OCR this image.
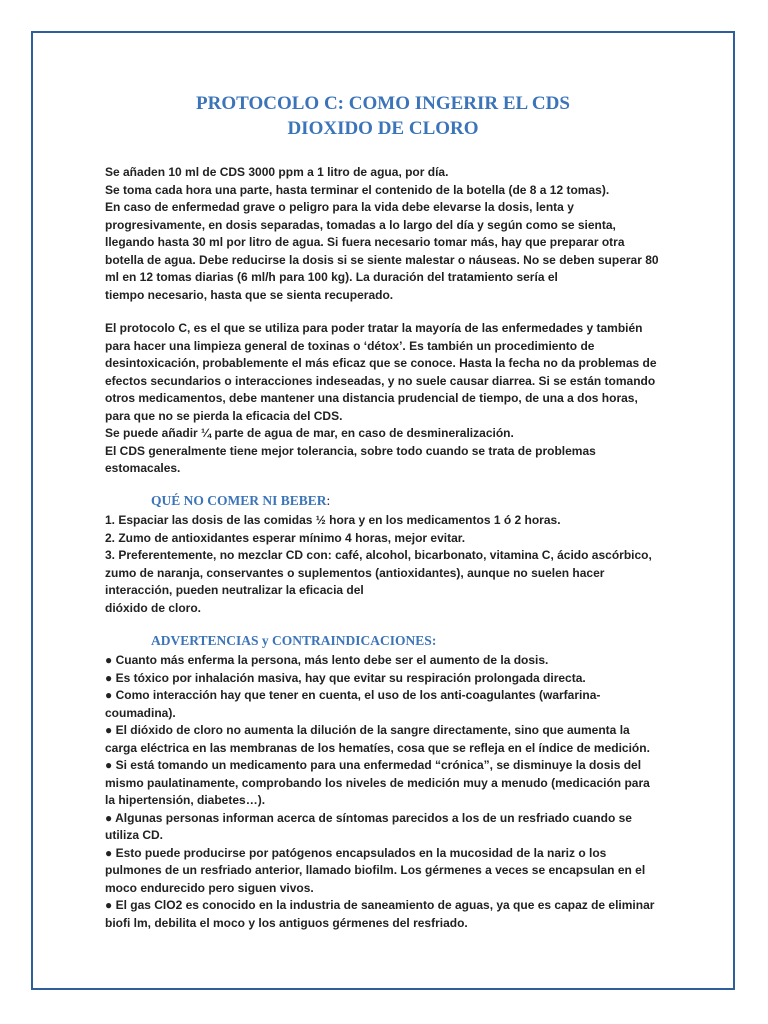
PROTOCOLO C: COMO INGERIR EL CDS
DIOXIDO DE CLORO
Se añaden 10 ml de CDS 3000 ppm a 1 litro de agua, por día.
Se toma cada hora una parte, hasta terminar el contenido de la botella (de 8 a 12 tomas).
En caso de enfermedad grave o peligro para la vida debe elevarse la dosis, lenta y
progresivamente, en dosis separadas, tomadas a lo largo del día y según como se sienta,
llegando hasta 30 ml por litro de agua. Si fuera necesario tomar más, hay que preparar otra
botella de agua. Debe reducirse la dosis si se siente malestar o náuseas. No se deben superar 80
ml en 12 tomas diarias (6 ml/h para 100 kg). La duración del tratamiento sería el
tiempo necesario, hasta que se sienta recuperado.
El protocolo C, es el que se utiliza para poder tratar la mayoría de las enfermedades y también
para hacer una limpieza general de toxinas o ‘détox’. Es también un procedimiento de
desintoxicación, probablemente el más eficaz que se conoce. Hasta la fecha no da problemas de
efectos secundarios o interacciones indeseadas, y no suele causar diarrea. Si se están tomando
otros medicamentos, debe mantener una distancia prudencial de tiempo, de una a dos horas,
para que no se pierda la eficacia del CDS.
Se puede añadir ¼ parte de agua de mar, en caso de desmineralización.
El CDS generalmente tiene mejor tolerancia, sobre todo cuando se trata de problemas
estomacales.
QUÉ NO COMER NI BEBER:
1. Espaciar las dosis de las comidas ½ hora y en los medicamentos 1 ó 2 horas.
2. Zumo de antioxidantes esperar mínimo 4 horas, mejor evitar.
3. Preferentemente, no mezclar CD con: café, alcohol, bicarbonato, vitamina C, ácido ascórbico,
zumo de naranja, conservantes o suplementos (antioxidantes), aunque no suelen hacer
interacción, pueden neutralizar la eficacia del
dióxido de cloro.
ADVERTENCIAS y CONTRAINDICACIONES:
● Cuanto más enferma la persona, más lento debe ser el aumento de la dosis.
● Es tóxico por inhalación masiva, hay que evitar su respiración prolongada directa.
● Como interacción hay que tener en cuenta, el uso de los anti-coagulantes (warfarina-
coumadina).
● El dióxido de cloro no aumenta la dilución de la sangre directamente, sino que aumenta la
carga eléctrica en las membranas de los hematíes, cosa que se refleja en el índice de medición.
● Si está tomando un medicamento para una enfermedad “crónica”, se disminuye la dosis del
mismo paulatinamente, comprobando los niveles de medición muy a menudo (medicación para
la hipertensión, diabetes…).
● Algunas personas informan acerca de síntomas parecidos a los de un resfriado cuando se
utiliza CD.
● Esto puede producirse por patógenos encapsulados en la mucosidad de la nariz o los
pulmones de un resfriado anterior, llamado biofilm. Los gérmenes a veces se encapsulan en el
moco endurecido pero siguen vivos.
● El gas ClO2 es conocido en la industria de saneamiento de aguas, ya que es capaz de eliminar
biofi lm, debilita el moco y los antiguos gérmenes del resfriado.
